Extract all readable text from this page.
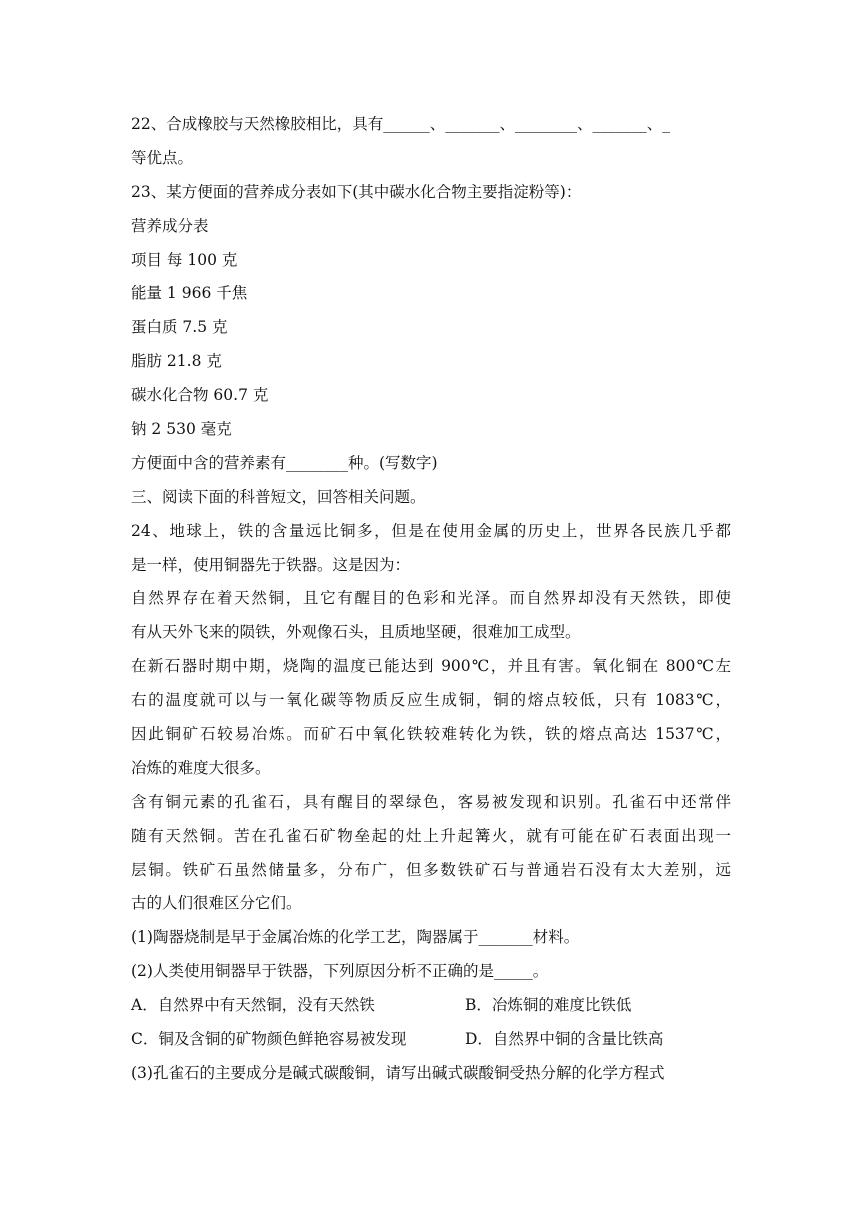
22、合成橡胶与天然橡胶相比，具有______、_______、________、_______、_
等优点。
23、某方便面的营养成分表如下(其中碳水化合物主要指淀粉等)：
营养成分表
项目 每 100 克
能量 1 966 千焦
蛋白质 7.5 克
脂肪 21.8 克
碳水化合物 60.7 克
钠 2 530 毫克
方便面中含的营养素有________种。(写数字)
三、阅读下面的科普短文，回答相关问题。
24、地球上，铁的含量远比铜多，但是在使用金属的历史上，世界各民族几乎都
是一样，使用铜器先于铁器。这是因为：
自然界存在着天然铜，且它有醒目的色彩和光泽。而自然界却没有天然铁，即使
有从天外飞来的陨铁，外观像石头，且质地坚硬，很难加工成型。
在新石器时期中期，烧陶的温度已能达到 900℃，并且有害。氧化铜在 800℃左
右的温度就可以与一氧化碳等物质反应生成铜，铜的熔点较低，只有 1083℃，
因此铜矿石较易冶炼。而矿石中氧化铁较难转化为铁，铁的熔点高达 1537℃，
冶炼的难度大很多。
含有铜元素的孔雀石，具有醒目的翠绿色，客易被发现和识别。孔雀石中还常伴
随有天然铜。苦在孔雀石矿物垒起的灶上升起篝火，就有可能在矿石表面出现一
层铜。铁矿石虽然储量多，分布广，但多数铁矿石与普通岩石没有太大差别，远
古的人们很难区分它们。
(1)陶器烧制是早于金属冶炼的化学工艺，陶器属于_______材料。
(2)人类使用铜器早于铁器，下列原因分析不正确的是_____。
A．自然界中有天然铜，没有天然铁	B．冶炼铜的难度比铁低
C．铜及含铜的矿物颜色鲜艳容易被发现	D．自然界中铜的含量比铁高
(3)孔雀石的主要成分是碱式碳酸铜，请写出碱式碳酸铜受热分解的化学方程式
